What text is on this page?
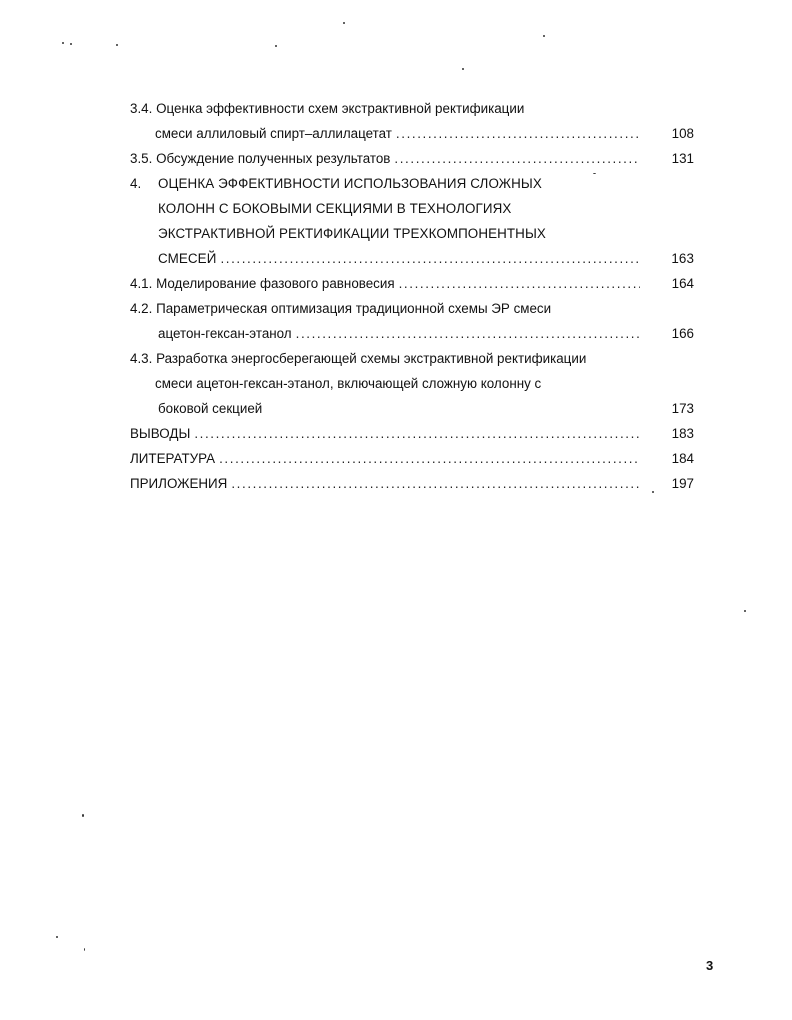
3.4. Оценка эффективности схем экстрактивной ректификации
смеси аллиловый спирт–аллилацетат .....	108
3.5. Обсуждение полученных результатов .....	131
4. ОЦЕНКА ЭФФЕКТИВНОСТИ ИСПОЛЬЗОВАНИЯ СЛОЖНЫХ
КОЛОНН С БОКОВЫМИ СЕКЦИЯМИ В ТЕХНОЛОГИЯХ
ЭКСТРАКТИВНОЙ РЕКТИФИКАЦИИ ТРЕХКОМПОНЕНТНЫХ
СМЕСЕЙ .....	163
4.1. Моделирование фазового равновесия .....	164
4.2. Параметрическая оптимизация традиционной схемы ЭР смеси
ацетон-гексан-этанол .....	166
4.3. Разработка энергосберегающей схемы экстрактивной ректификации
смеси ацетон-гексан-этанол, включающей сложную колонну с
боковой секцией	173
ВЫВОДЫ .....	183
ЛИТЕРАТУРА .....	184
ПРИЛОЖЕНИЯ .....	197
3
